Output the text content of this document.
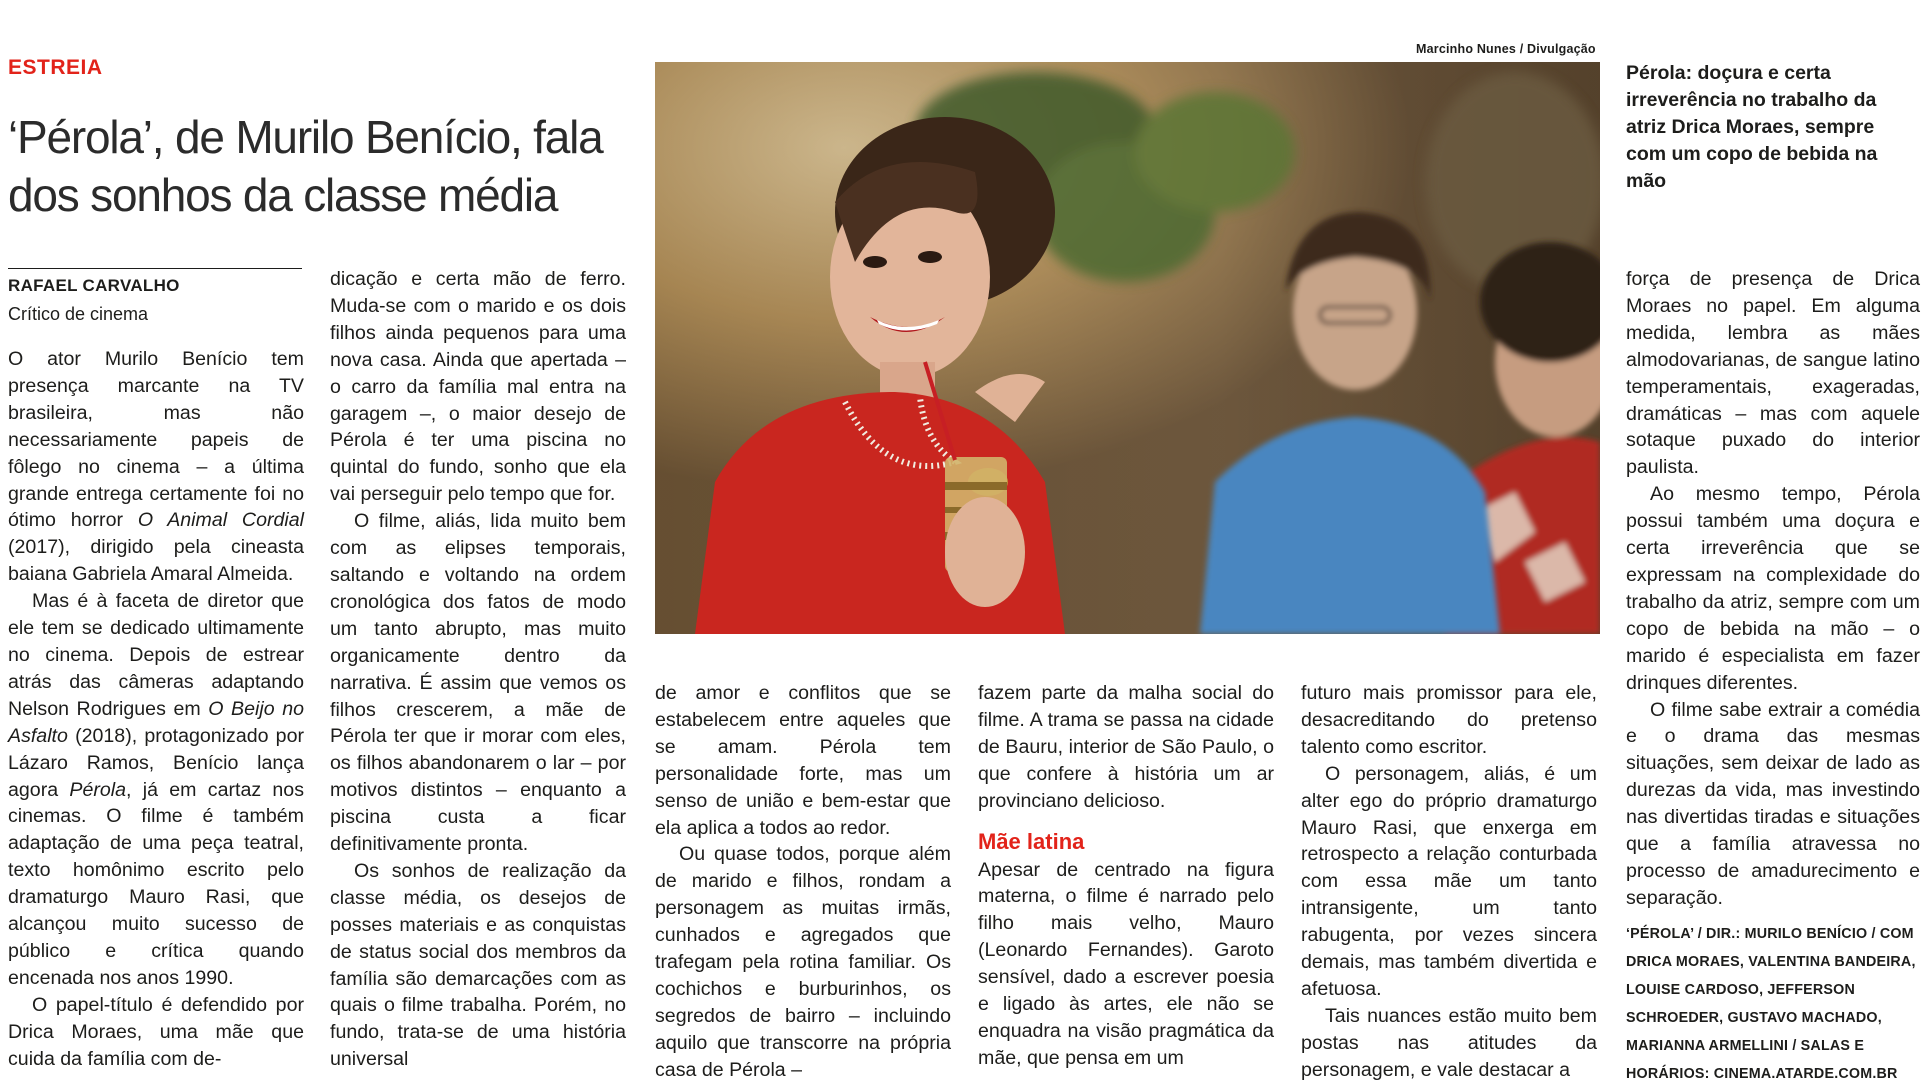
ESTREIA
‘Pérola’, de Murilo Benício, fala
dos sonhos da classe média
RAFAEL CARVALHO
Crítico de cinema
Marcinho Nunes / Divulgação
Pérola: doçura e certa irreverência no trabalho da atriz Drica Moraes, sempre com um copo de bebida na mão

O ator Murilo Benício tem presença marcante na TV brasileira, mas não necessariamente papeis de fôlego no cinema – a última grande entrega certamente foi no ótimo horror O Animal Cordial (2017), dirigido pela cineasta baiana Gabriela Amaral Almeida.

Mas é à faceta de diretor que ele tem se dedicado ultimamente no cinema. Depois de estrear atrás das câmeras adaptando Nelson Rodrigues em O Beijo no Asfalto (2018), protagonizado por Lázaro Ramos, Benício lança agora Pérola, já em cartaz nos cinemas. O filme é também adaptação de uma peça teatral, texto homônimo escrito pelo dramaturgo Mauro Rasi, que alcançou muito sucesso de público e crítica quando encenada nos anos 1990.

O papel-título é defendido por Drica Moraes, uma mãe que cuida da família com de-

dicação e certa mão de ferro. Muda-se com o marido e os dois filhos ainda pequenos para uma nova casa. Ainda que apertada – o carro da família mal entra na garagem –, o maior desejo de Pérola é ter uma piscina no quintal do fundo, sonho que ela vai perseguir pelo tempo que for.

O filme, aliás, lida muito bem com as elipses temporais, saltando e voltando na ordem cronológica dos fatos de modo um tanto abrupto, mas muito organicamente dentro da narrativa. É assim que vemos os filhos crescerem, a mãe de Pérola ter que ir morar com eles, os filhos abandonarem o lar – por motivos distintos – enquanto a piscina custa a ficar definitivamente pronta.

Os sonhos de realização da classe média, os desejos de posses materiais e as conquistas de status social dos membros da família são demarcações com as quais o filme trabalha. Porém, no fundo, trata-se de uma história universal

de amor e conflitos que se estabelecem entre aqueles que se amam. Pérola tem personalidade forte, mas um senso de união e bem-estar que ela aplica a todos ao redor.

Ou quase todos, porque além de marido e filhos, rondam a personagem as muitas irmãs, cunhados e agregados que trafegam pela rotina familiar. Os cochichos e burburinhos, os segredos de bairro – incluindo aquilo que transcorre na própria casa de Pérola –

fazem parte da malha social do filme. A trama se passa na cidade de Bauru, interior de São Paulo, o que confere à história um ar provinciano delicioso.

Mãe latina

Apesar de centrado na figura materna, o filme é narrado pelo filho mais velho, Mauro (Leonardo Fernandes). Garoto sensível, dado a escrever poesia e ligado às artes, ele não se enquadra na visão pragmática da mãe, que pensa em um

futuro mais promissor para ele, desacreditando do pretenso talento como escritor.

O personagem, aliás, é um alter ego do próprio dramaturgo Mauro Rasi, que enxerga em retrospecto a relação conturbada com essa mãe um tanto intransigente, um tanto rabugenta, por vezes sincera demais, mas também divertida e afetuosa.

Tais nuances estão muito bem postas nas atitudes da personagem, e vale destacar a

força de presença de Drica Moraes no papel. Em alguma medida, lembra as mães almodovarianas, de sangue latino temperamentais, exageradas, dramáticas – mas com aquele sotaque puxado do interior paulista.

Ao mesmo tempo, Pérola possui também uma doçura e certa irreverência que se expressam na complexidade do trabalho da atriz, sempre com um copo de bebida na mão – o marido é especialista em fazer drinques diferentes.

O filme sabe extrair a comédia e o drama das mesmas situações, sem deixar de lado as durezas da vida, mas investindo nas divertidas tiradas e situações que a família atravessa no processo de amadurecimento e separação.

‘PÉROLA’ / DIR.: MURILO BENÍCIO / COM DRICA MORAES, VALENTINA BANDEIRA, LOUISE CARDOSO, JEFFERSON SCHROEDER, GUSTAVO MACHADO, MARIANNA ARMELLINI / SALAS E HORÁRIOS: CINEMA.ATARDE.COM.BR
